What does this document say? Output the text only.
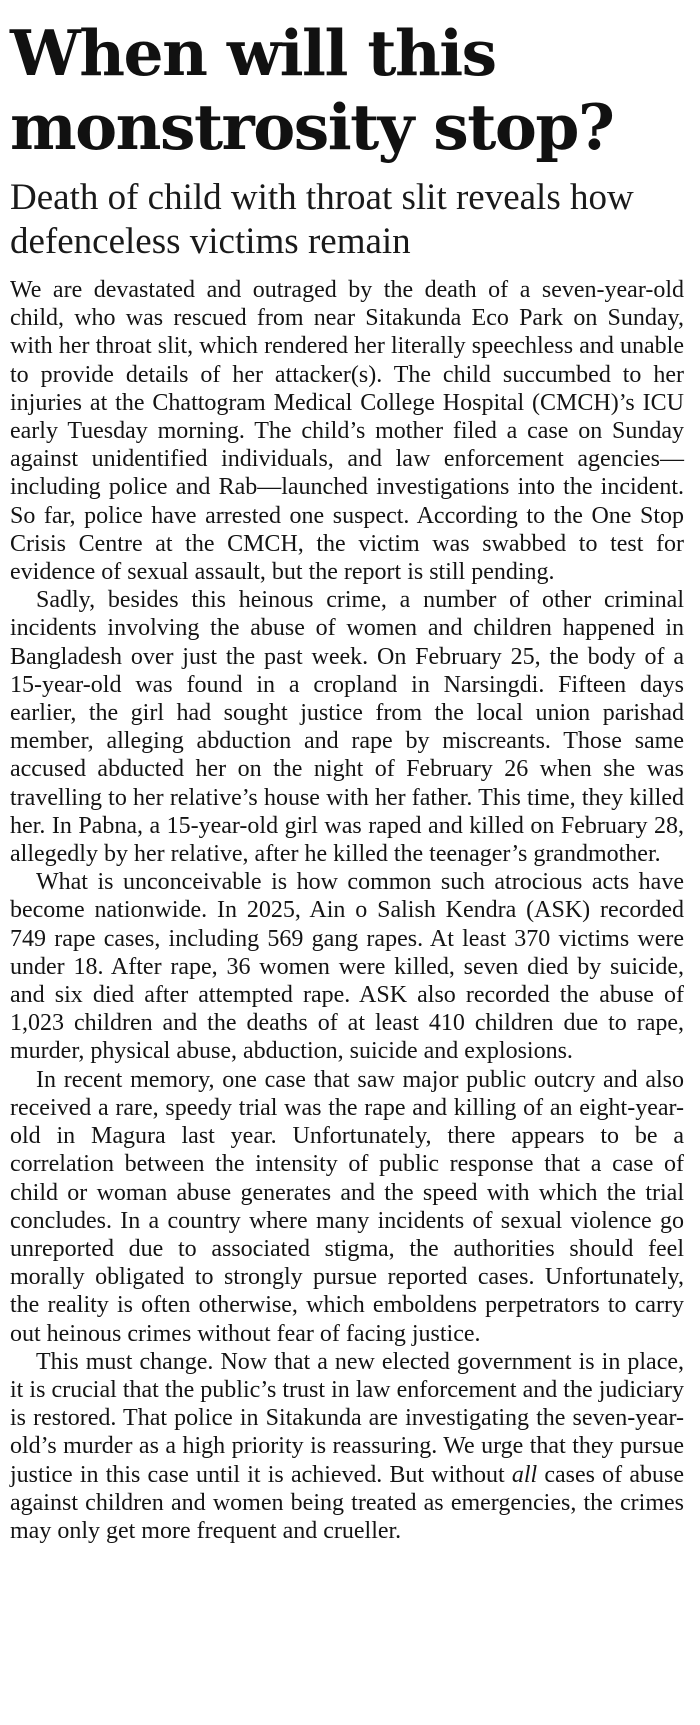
When will this monstrosity stop?
Death of child with throat slit reveals how defenceless victims remain

We are devastated and outraged by the death of a seven-year-old child, who was rescued from near Sitakunda Eco Park on Sunday, with her throat slit, which rendered her literally speechless and unable to provide details of her attacker(s). The child succumbed to her injuries at the Chattogram Medical College Hospital (CMCH)’s ICU early Tuesday morning. The child’s mother filed a case on Sunday against unidentified individuals, and law enforcement agencies—including police and Rab—launched investigations into the incident. So far, police have arrested one suspect. According to the One Stop Crisis Centre at the CMCH, the victim was swabbed to test for evidence of sexual assault, but the report is still pending.

Sadly, besides this heinous crime, a number of other criminal incidents involving the abuse of women and children happened in Bangladesh over just the past week. On February 25, the body of a 15-year-old was found in a cropland in Narsingdi. Fifteen days earlier, the girl had sought justice from the local union parishad member, alleging abduction and rape by miscreants. Those same accused abducted her on the night of February 26 when she was travelling to her relative’s house with her father. This time, they killed her. In Pabna, a 15-year-old girl was raped and killed on February 28, allegedly by her relative, after he killed the teenager’s grandmother.

What is unconceivable is how common such atrocious acts have become nationwide. In 2025, Ain o Salish Kendra (ASK) recorded 749 rape cases, including 569 gang rapes. At least 370 victims were under 18. After rape, 36 women were killed, seven died by suicide, and six died after attempted rape. ASK also recorded the abuse of 1,023 children and the deaths of at least 410 children due to rape, murder, physical abuse, abduction, suicide and explosions.

In recent memory, one case that saw major public outcry and also received a rare, speedy trial was the rape and killing of an eight-year-old in Magura last year. Unfortunately, there appears to be a correlation between the intensity of public response that a case of child or woman abuse generates and the speed with which the trial concludes. In a country where many incidents of sexual violence go unreported due to associated stigma, the authorities should feel morally obligated to strongly pursue reported cases. Unfortunately, the reality is often otherwise, which emboldens perpetrators to carry out heinous crimes without fear of facing justice.

This must change. Now that a new elected government is in place, it is crucial that the public’s trust in law enforcement and the judiciary is restored. That police in Sitakunda are investigating the seven-year-old’s murder as a high priority is reassuring. We urge that they pursue justice in this case until it is achieved. But without all cases of abuse against children and women being treated as emergencies, the crimes may only get more frequent and crueller.
